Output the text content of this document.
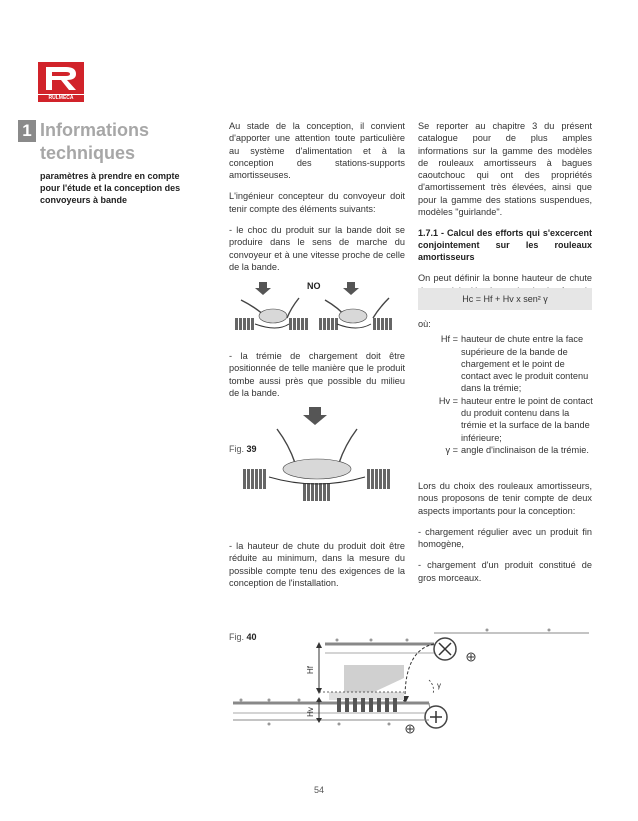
RULMECA
1 Informations
techniques
paramètres à prendre en compte pour l'étude et la conception des convoyeurs à bande

Au stade de la conception, il convient d'apporter une attention toute particulière au système d'alimentation et à la conception des stations-supports amortisseuses.

L'ingénieur concepteur du convoyeur doit tenir compte des éléments suivants:

- le choc du produit sur la bande doit se produire dans le sens de marche du convoyeur et à une vitesse proche de celle de la bande.

NO

- la trémie de chargement doit être positionnée de telle manière que le produit tombe aussi près que possible du milieu de la bande.

Fig. 39

- la hauteur de chute du produit doit être réduite au minimum, dans la mesure du possible compte tenu des exigences de la conception de l'installation.

Se reporter au chapitre 3 du présent catalogue pour de plus amples informations sur la gamme des modèles de rouleaux amortisseurs à bagues caoutchouc qui ont des propriétés d'amortissement très élevées, ainsi que pour la gamme des stations suspendues, modèles "guirlande".

1.7.1 - Calcul des efforts qui s'excercent conjointement sur les rouleaux amortisseurs

On peut définir la bonne hauteur de chute

Hc = Hf + Hv x sen² γ
où:
Hf = hauteur de chute entre la face supérieure de la bande de chargement et le point de contact avec le produit contenu dans la trémie;
Hv = hauteur entre le point de contact du produit contenu dans la trémie et la surface de la bande inférieure;
γ = angle d'inclinaison de la trémie.

Lors du choix des rouleaux amortisseurs, nous proposons de tenir compte de deux aspects importants pour la conception:

- chargement régulier avec un produit fin homogène,

- chargement d'un produit constitué de gros morceaux.

Fig. 40
Hf
Hv
γ
54
